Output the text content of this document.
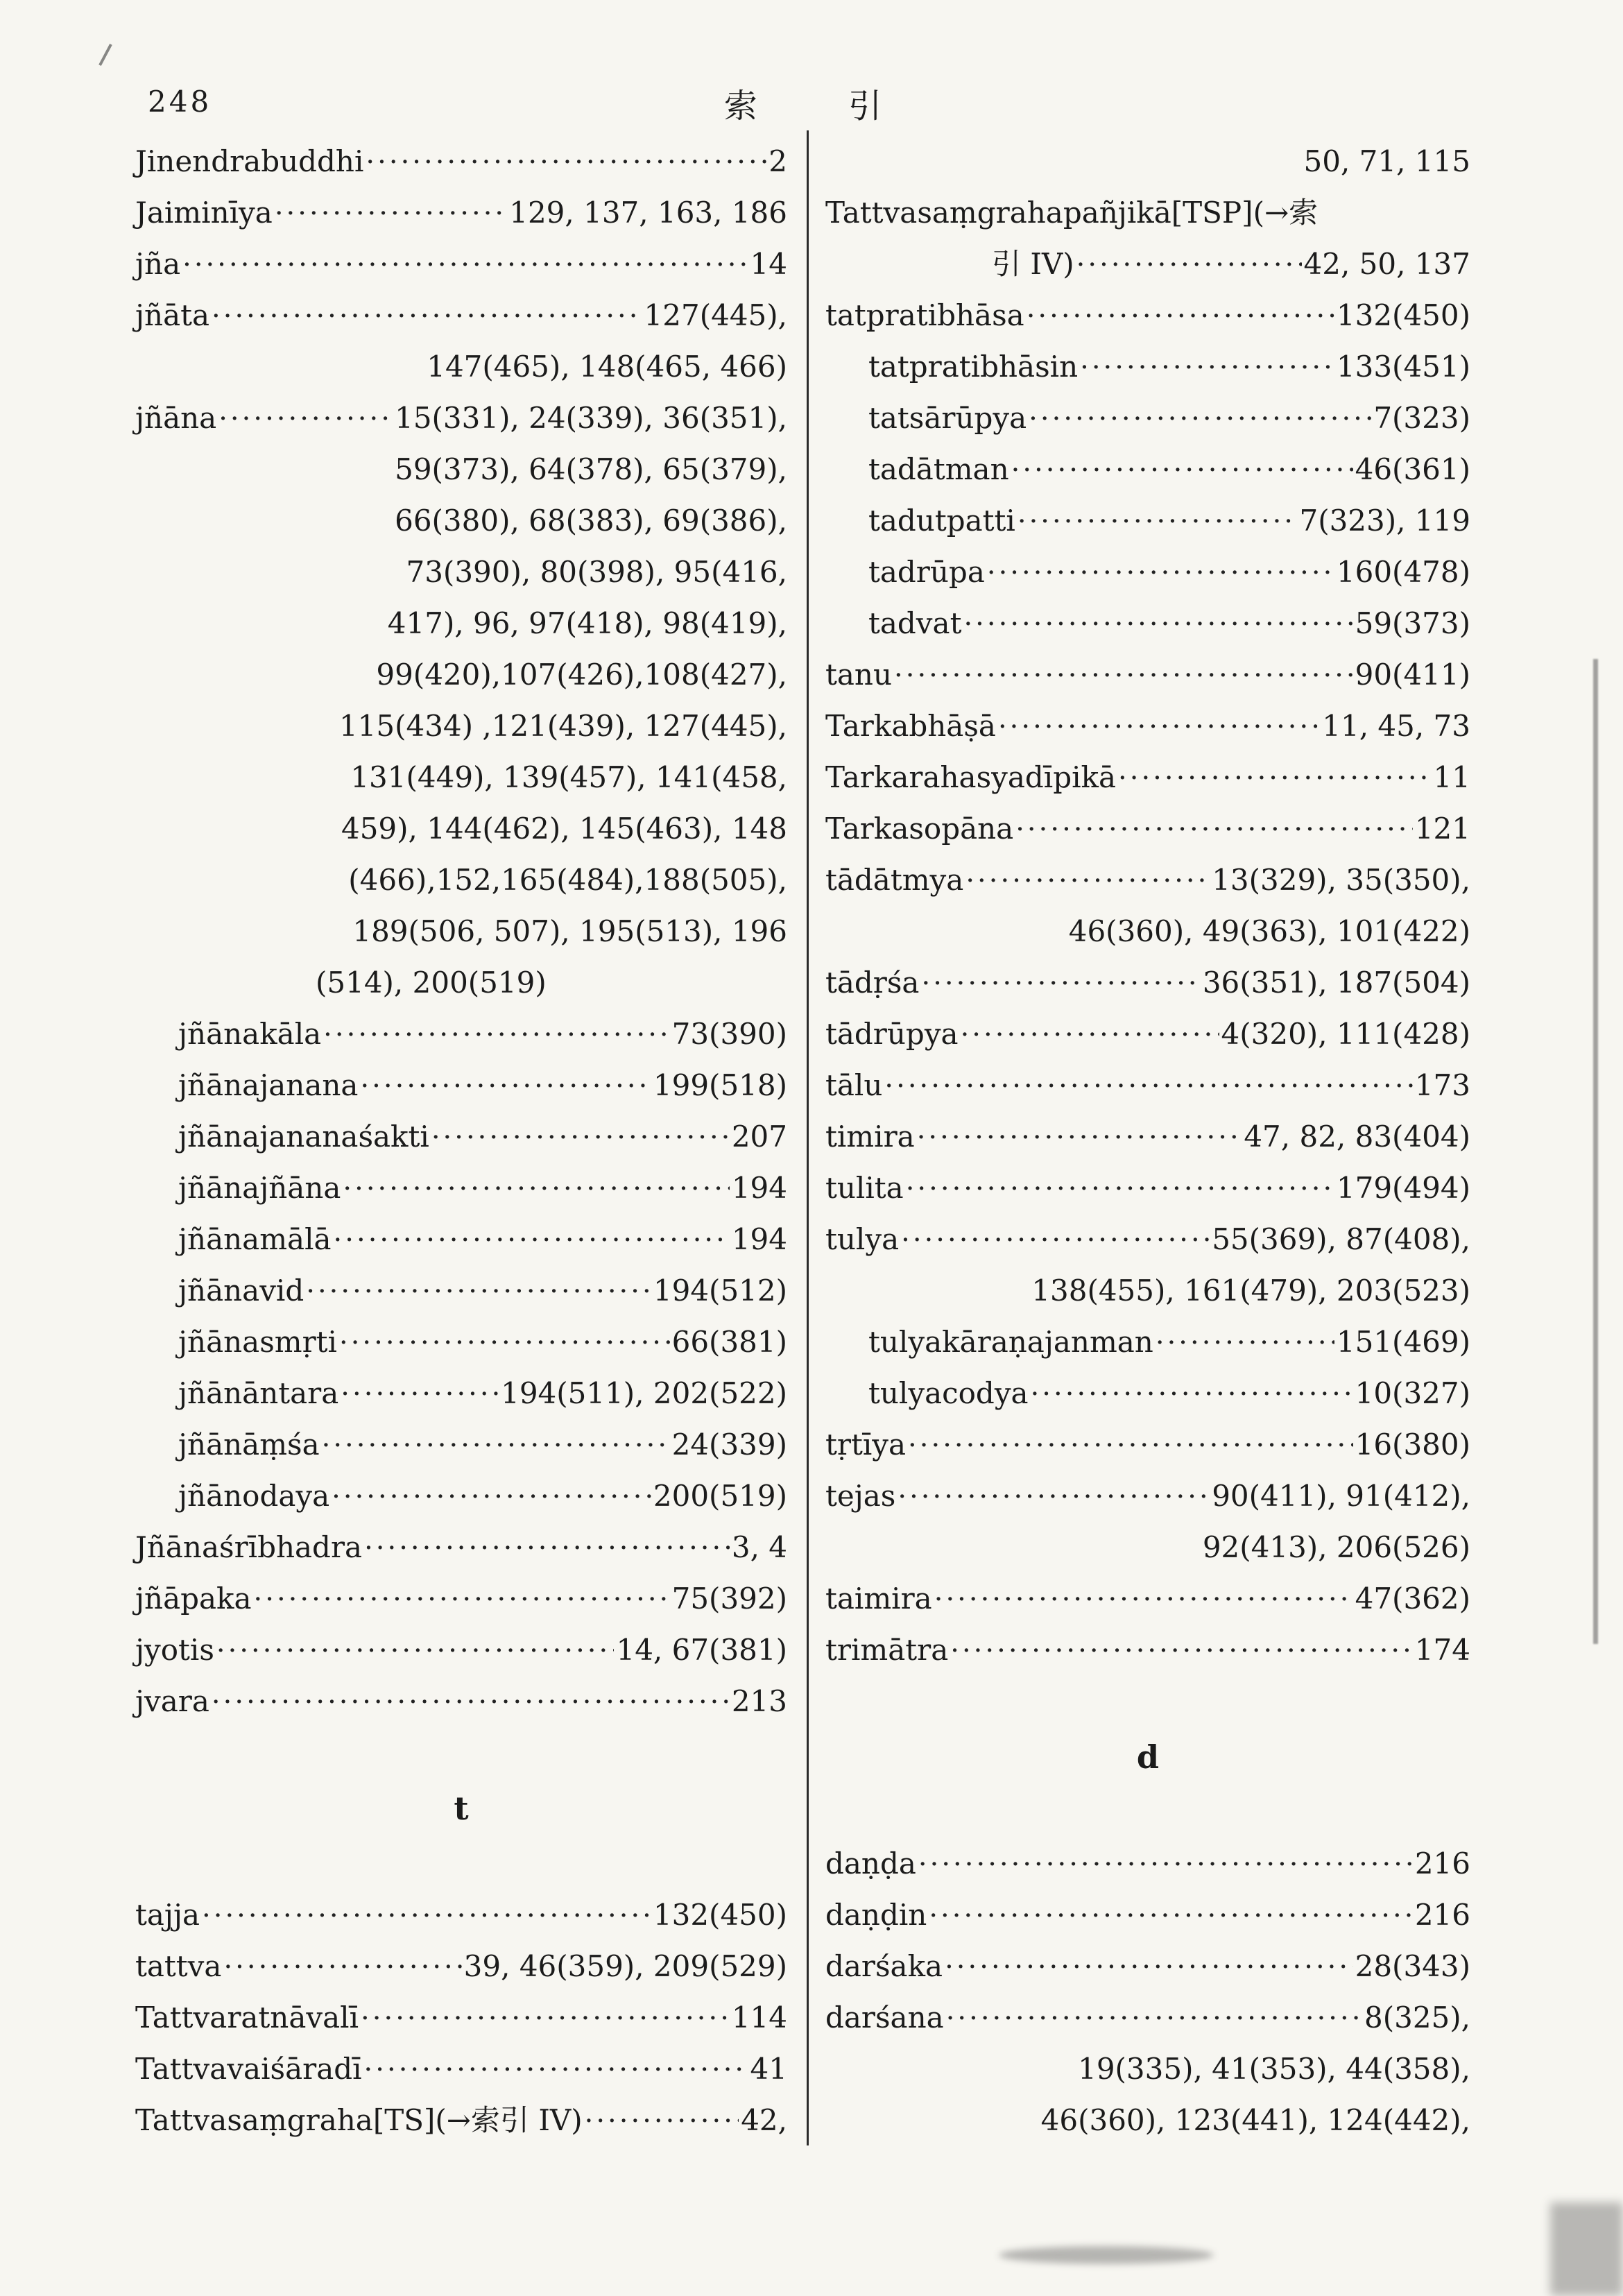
248	索 引
Jinendrabuddhi ·····	2
Jaiminīya ·····	129, 137, 163, 186
jña ·····	14
jñāta ·····	127(445),
147(465), 148(465, 466)
jñāna ·····	15(331), 24(339), 36(351),
59(373), 64(378), 65(379),
66(380), 68(383), 69(386),
73(390), 80(398), 95(416,
417), 96, 97(418), 98(419),
99(420),107(426),108(427),
115(434) ,121(439), 127(445),
131(449), 139(457), 141(458,
459), 144(462), 145(463), 148
(466),152,165(484),188(505),
189(506, 507), 195(513), 196
(514), 200(519)
jñānakāla ·····	73(390)
jñānajanana ·····	199(518)
jñānajananaśakti ·····	207
jñānajñāna ·····	194
jñānamālā ·····	194
jñānavid ·····	194(512)
jñānasmṛti ·····	66(381)
jñānāntara ·····	194(511), 202(522)
jñānāṃśa ·····	24(339)
jñānodaya ·····	200(519)
Jñānaśrībhadra ·····	3, 4
jñāpaka ·····	75(392)
jyotis ·····	14, 67(381)
jvara ·····	213
t
tajja ·····	132(450)
tattva ·····	39, 46(359), 209(529)
Tattvaratnāvalī ·····	114
Tattvavaiśāradī ·····	41
Tattvasaṃgraha[TS](→索引 IV) ·····	42,
50, 71, 115
Tattvasaṃgrahapañjikā[TSP](→索
引 IV) ·····	42, 50, 137
tatpratibhāsa ·····	132(450)
tatpratibhāsin ·····	133(451)
tatsārūpya ·····	7(323)
tadātman ·····	46(361)
tadutpatti ·····	7(323), 119
tadrūpa ·····	160(478)
tadvat ·····	59(373)
tanu ·····	90(411)
Tarkabhāṣā ·····	11, 45, 73
Tarkarahasyadīpikā ·····	11
Tarkasopāna ·····	121
tādātmya ·····	13(329), 35(350),
46(360), 49(363), 101(422)
tādṛśa ·····	36(351), 187(504)
tādrūpya ·····	4(320), 111(428)
tālu ·····	173
timira ·····	47, 82, 83(404)
tulita ·····	179(494)
tulya ·····	55(369), 87(408),
138(455), 161(479), 203(523)
tulyakāraṇajanman ·····	151(469)
tulyacodya ·····	10(327)
tṛtīya ·····	16(380)
tejas ·····	90(411), 91(412),
92(413), 206(526)
taimira ·····	47(362)
trimātra ·····	174
d
daṇḍa ·····	216
daṇḍin ·····	216
darśaka ·····	28(343)
darśana ·····	8(325),
19(335), 41(353), 44(358),
46(360), 123(441), 124(442),
